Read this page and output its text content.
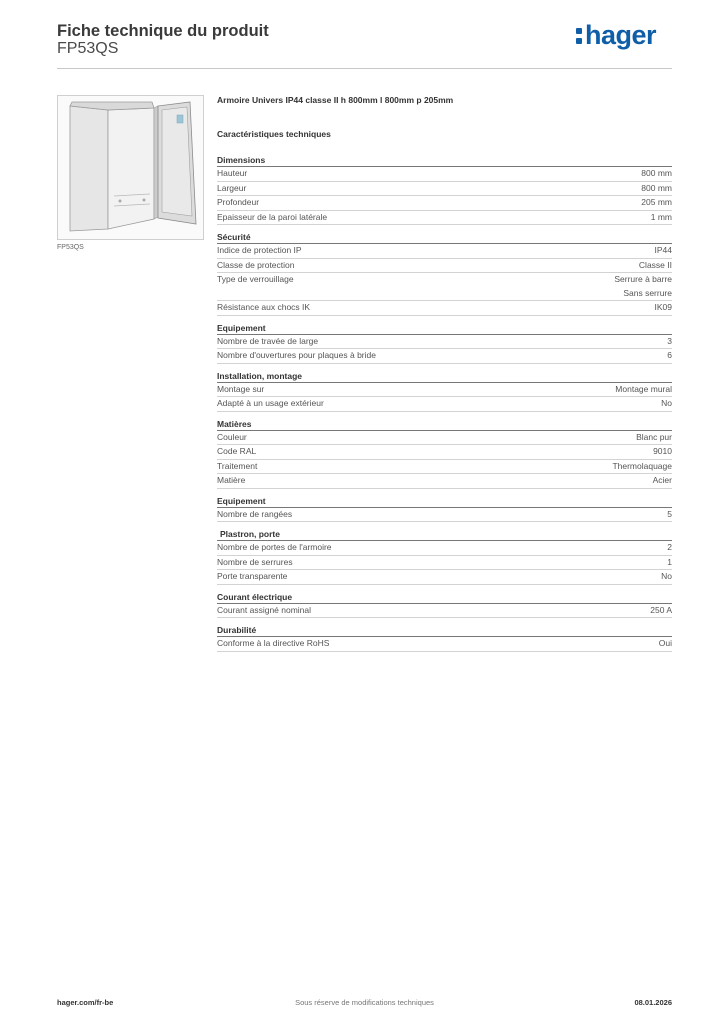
Fiche technique du produit
FP53QS	hager
FP53QS
Armoire Univers IP44 classe II h 800mm l 800mm p 205mm
Caractéristiques techniques
Dimensions
Hauteur	800 mm
Largeur	800 mm
Profondeur	205 mm
Epaisseur de la paroi latérale	1 mm
Sécurité
Indice de protection IP	IP44
Classe de protection	Classe II
Type de verrouillage	Serrure à barre
Sans serrure
Résistance aux chocs IK	IK09
Equipement
Nombre de travée de large	3
Nombre d'ouvertures pour plaques à bride	6
Installation, montage
Montage sur	Montage mural
Adapté à un usage extérieur	No
Matières
Couleur	Blanc pur
Code RAL	9010
Traitement	Thermolaquage
Matière	Acier
Equipement
Nombre de rangées	5
Plastron, porte
Nombre de portes de l'armoire	2
Nombre de serrures	1
Porte transparente	No
Courant électrique
Courant assigné nominal	250 A
Durabilité
Conforme à la directive RoHS	Oui
hager.com/fr-be	Sous réserve de modifications techniques	08.01.2026
